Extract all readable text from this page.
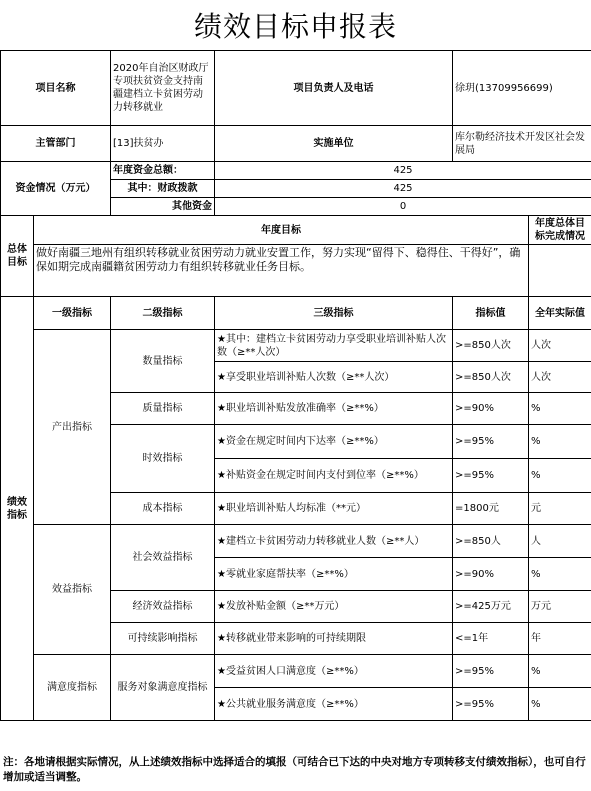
绩效目标申报表
项目名称		2020年自治区财政厅专项扶贫资金支持南疆建档立卡贫困劳动力转移就业	项目负责人及电话	徐玥(13709956699)	
主管部门		[13]扶贫办	实施单位	库尔勒经济技术开发区社会发展局	
资金情况（万元）		年度资金总额：	425		
		其中：财政拨款	425		
		其他资金	0		
总体目标	年度目标				年度总体目标完成情况
	做好南疆三地州有组织转移就业贫困劳动力就业安置工作，努力实现“留得下、稳得住、干得好”，确保如期完成南疆籍贫困劳动力有组织转移就业任务目标。				
绩效指标	一级指标	二级指标	三级指标	指标值	全年实际值
	产出指标	数量指标	★其中：建档立卡贫困劳动力享受职业培训补贴人次数（≥**人次）	>=850人次	人次
			★享受职业培训补贴人次数（≥**人次）	>=850人次	人次
		质量指标	★职业培训补贴发放准确率（≥**%）	>=90%	%
		时效指标	★资金在规定时间内下达率（≥**%）	>=95%	%
			★补贴资金在规定时间内支付到位率（≥**%）	>=95%	%
		成本指标	★职业培训补贴人均标准（**元）	=1800元	元
	效益指标	社会效益指标	★建档立卡贫困劳动力转移就业人数（≥**人）	>=850人	人
			★零就业家庭帮扶率（≥**%）	>=90%	%
		经济效益指标	★发放补贴金额（≥**万元）	>=425万元	万元
		可持续影响指标	★转移就业带来影响的可持续期限	<=1年	年
	满意度指标	服务对象满意度指标	★受益贫困人口满意度（≥**%）	>=95%	%
			★公共就业服务满意度（≥**%）	>=95%	%
注：各地请根据实际情况，从上述绩效指标中选择适合的填报（可结合已下达的中央对地方专项转移支付绩效指标），也可自行增加或适当调整。
